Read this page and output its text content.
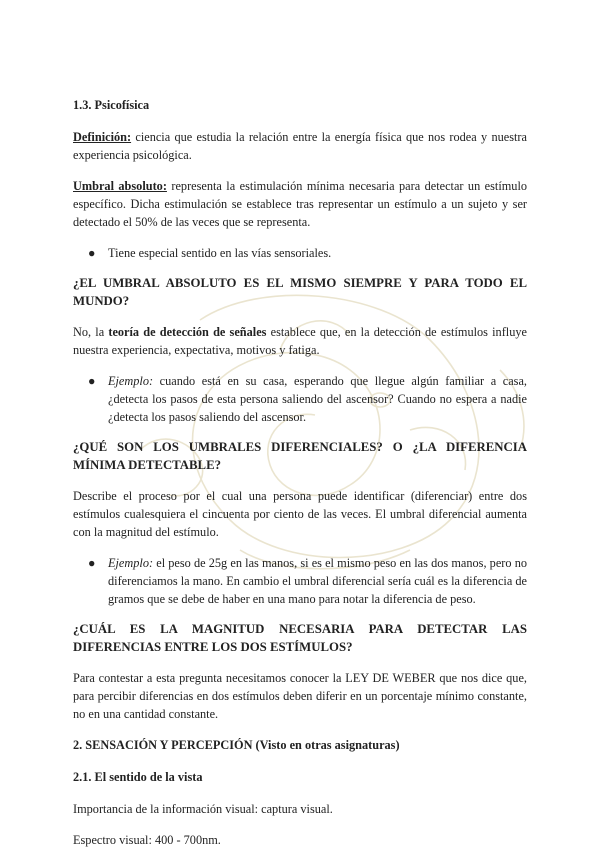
1.3. Psicofísica

Definición: ciencia que estudia la relación entre la energía física que nos rodea y nuestra experiencia psicológica.

Umbral absoluto: representa la estimulación mínima necesaria para detectar un estímulo específico. Dicha estimulación se establece tras representar un estímulo a un sujeto y ser detectado el 50% de las veces que se representa.

● Tiene especial sentido en las vías sensoriales.

¿EL UMBRAL ABSOLUTO ES EL MISMO SIEMPRE Y PARA TODO EL MUNDO?

No, la teoría de detección de señales establece que, en la detección de estímulos influye nuestra experiencia, expectativa, motivos y fatiga.

● Ejemplo: cuando está en su casa, esperando que llegue algún familiar a casa, ¿detecta los pasos de esta persona saliendo del ascensor? Cuando no espera a nadie ¿detecta los pasos saliendo del ascensor.

¿QUÉ SON LOS UMBRALES DIFERENCIALES? O ¿LA DIFERENCIA MÍNIMA DETECTABLE?

Describe el proceso por el cual una persona puede identificar (diferenciar) entre dos estímulos cualesquiera el cincuenta por ciento de las veces. El umbral diferencial aumenta con la magnitud del estímulo.

● Ejemplo: el peso de 25g en las manos, si es el mismo peso en las dos manos, pero no diferenciamos la mano. En cambio el umbral diferencial sería cuál es la diferencia de gramos que se debe de haber en una mano para notar la diferencia de peso.

¿CUÁL ES LA MAGNITUD NECESARIA PARA DETECTAR LAS DIFERENCIAS ENTRE LOS DOS ESTÍMULOS?

Para contestar a esta pregunta necesitamos conocer la LEY DE WEBER que nos dice que, para percibir diferencias en dos estímulos deben diferir en un porcentaje mínimo constante, no en una cantidad constante.

2. SENSACIÓN Y PERCEPCIÓN (Visto en otras asignaturas)

2.1. El sentido de la vista

Importancia de la información visual: captura visual.

Espectro visual: 400 - 700nm.
